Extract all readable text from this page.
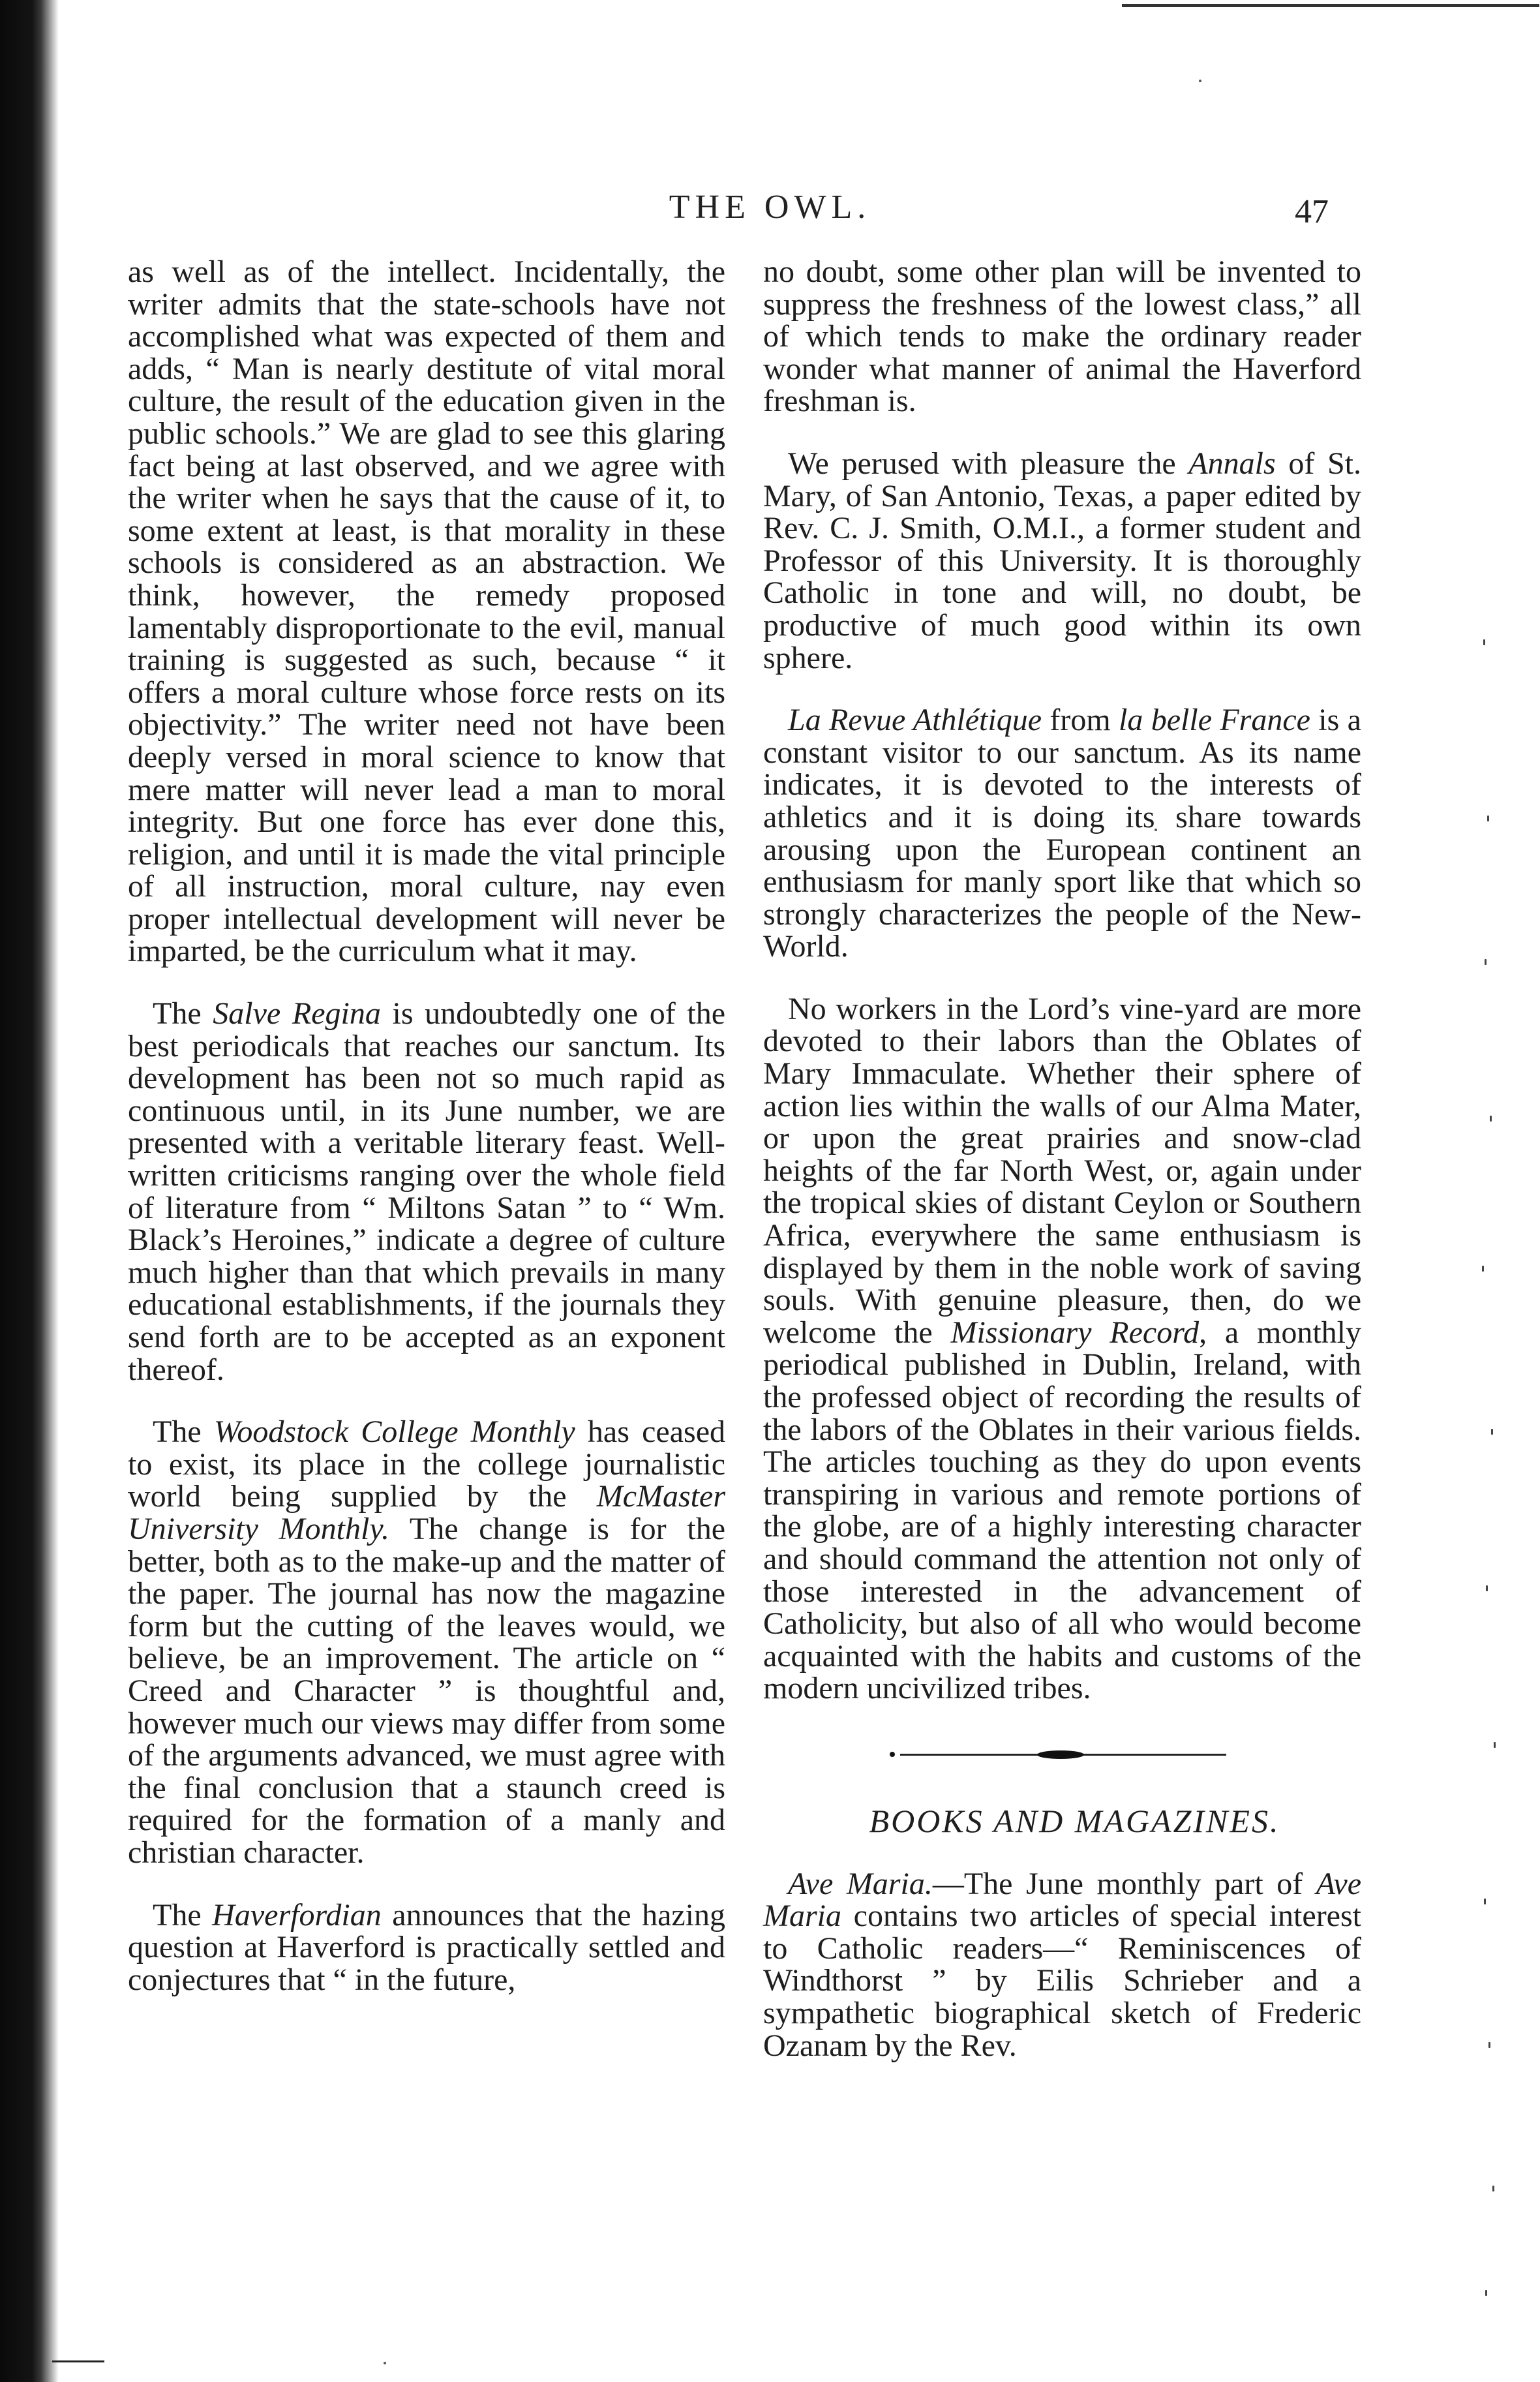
THE OWL.	47

as well as of the intellect. Incidentally, the writer admits that the state-schools have not accomplished what was expected of them and adds, “ Man is nearly destitute of vital moral culture, the result of the education given in the public schools.” We are glad to see this glaring fact being at last observed, and we agree with the writer when he says that the cause of it, to some extent at least, is that morality in these schools is considered as an abstraction. We think, however, the remedy proposed lamentably disproportionate to the evil, manual training is suggested as such, because “ it offers a moral culture whose force rests on its objectivity.” The writer need not have been deeply versed in moral science to know that mere matter will never lead a man to moral integrity. But one force has ever done this, religion, and until it is made the vital principle of all instruction, moral culture, nay even proper intellectual development will never be imparted, be the curriculum what it may.

The Salve Regina is undoubtedly one of the best periodicals that reaches our sanctum. Its development has been not so much rapid as continuous until, in its June number, we are presented with a veritable literary feast. Well-written criticisms ranging over the whole field of literature from “ Miltons Satan ” to “ Wm. Black’s Heroines,” indicate a degree of culture much higher than that which prevails in many educational establishments, if the journals they send forth are to be accepted as an exponent thereof.

The Woodstock College Monthly has ceased to exist, its place in the college journalistic world being supplied by the McMaster University Monthly. The change is for the better, both as to the make-up and the matter of the paper. The journal has now the magazine form but the cutting of the leaves would, we believe, be an improvement. The article on “ Creed and Character ” is thoughtful and, however much our views may differ from some of the arguments advanced, we must agree with the final conclusion that a staunch creed is required for the formation of a manly and christian character.

The Haverfordian announces that the hazing question at Haverford is practically settled and conjectures that “ in the future,

no doubt, some other plan will be invented to suppress the freshness of the lowest class,” all of which tends to make the ordinary reader wonder what manner of animal the Haverford freshman is.

We perused with pleasure the Annals of St. Mary, of San Antonio, Texas, a paper edited by Rev. C. J. Smith, O.M.I., a former student and Professor of this University. It is thoroughly Catholic in tone and will, no doubt, be productive of much good within its own sphere.

La Revue Athlétique from la belle France is a constant visitor to our sanctum. As its name indicates, it is devoted to the interests of athletics and it is doing its share towards arousing upon the European continent an enthusiasm for manly sport like that which so strongly characterizes the people of the New-World.

No workers in the Lord’s vine-yard are more devoted to their labors than the Oblates of Mary Immaculate. Whether their sphere of action lies within the walls of our Alma Mater, or upon the great prairies and snow-clad heights of the far North West, or, again under the tropical skies of distant Ceylon or Southern Africa, everywhere the same enthusiasm is displayed by them in the noble work of saving souls. With genuine pleasure, then, do we welcome the Missionary Record, a monthly periodical published in Dublin, Ireland, with the professed object of recording the results of the labors of the Oblates in their various fields. The articles touching as they do upon events transpiring in various and remote portions of the globe, are of a highly interesting character and should command the attention not only of those interested in the advancement of Catholicity, but also of all who would become acquainted with the habits and customs of the modern uncivilized tribes.

BOOKS AND MAGAZINES.

Ave Maria.—The June monthly part of Ave Maria contains two articles of special interest to Catholic readers—“ Reminiscences of Windthorst ” by Eilis Schrieber and a sympathetic biographical sketch of Frederic Ozanam by the Rev.
